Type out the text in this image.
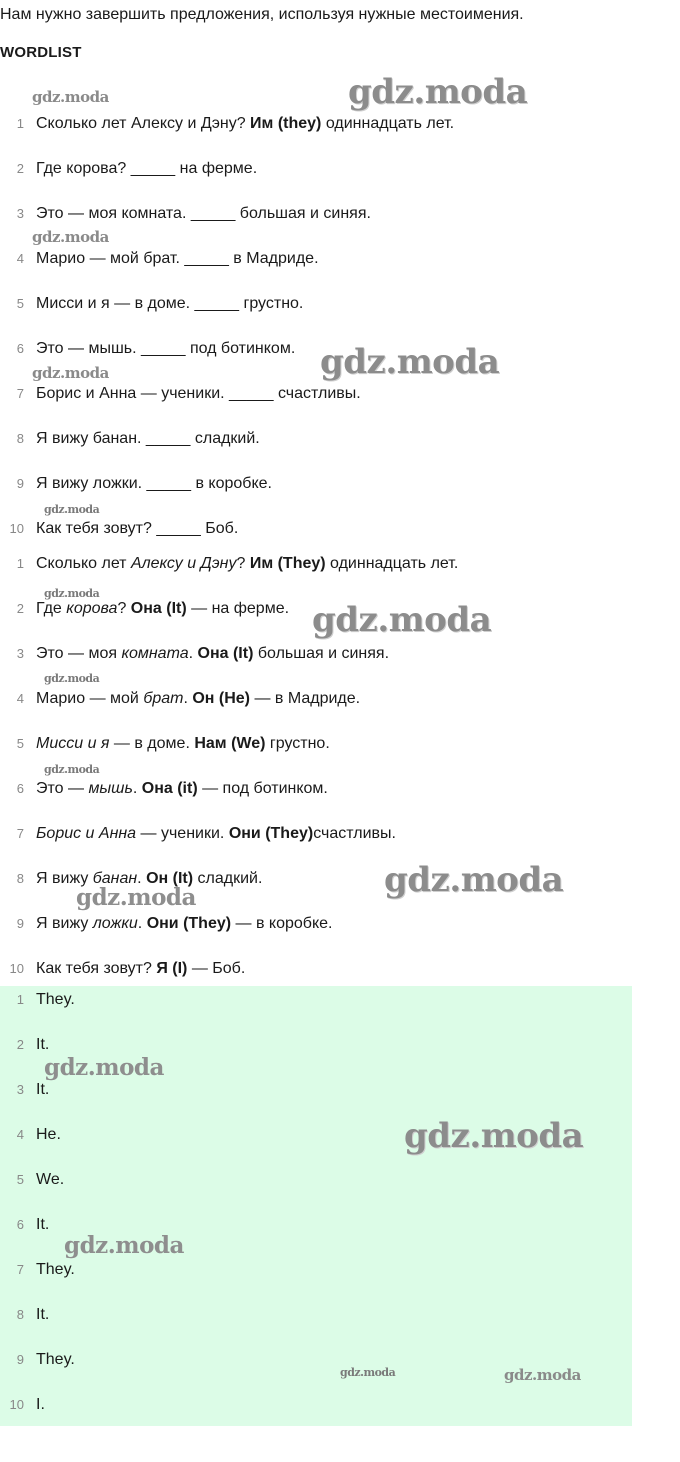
Нам нужно завершить предложения, используя нужные местоимения.
WORDLIST
1 Сколько лет Алексу и Дэну? Им (they) одиннадцать лет.
2 Где корова? _____ на ферме.
3 Это — моя комната. _____ большая и синяя.
4 Марио — мой брат. _____ в Мадриде.
5 Мисси и я — в доме. _____ грустно.
6 Это — мышь. _____ под ботинком.
7 Борис и Анна — ученики. _____ счастливы.
8 Я вижу банан. _____ сладкий.
9 Я вижу ложки. _____ в коробке.
10 Как тебя зовут? _____ Боб.
1 Сколько лет Алексу и Дэну? Им (They) одиннадцать лет.
2 Где корова? Она (It) — на ферме.
3 Это — моя комната. Она (It) большая и синяя.
4 Марио — мой брат. Он (He) — в Мадриде.
5 Мисси и я — в доме. Нам (We) грустно.
6 Это — мышь. Она (it) — под ботинком.
7 Борис и Анна — ученики. Они (They)счастливы.
8 Я вижу банан. Он (It) сладкий.
9 Я вижу ложки. Они (They) — в коробке.
10 Как тебя зовут? Я (I) — Боб.
1 They.
2 It.
3 It.
4 He.
5 We.
6 It.
7 They.
8 It.
9 They.
10 I.
gdz.moda	gdz.moda
gdz.moda
gdz.moda
gdz.moda
gdz.moda
gdz.moda
gdz.moda
gdz.moda
gdz.moda
gdz.moda
gdz.moda
gdz.moda
gdz.moda
gdz.moda
gdz.moda	gdz.moda
